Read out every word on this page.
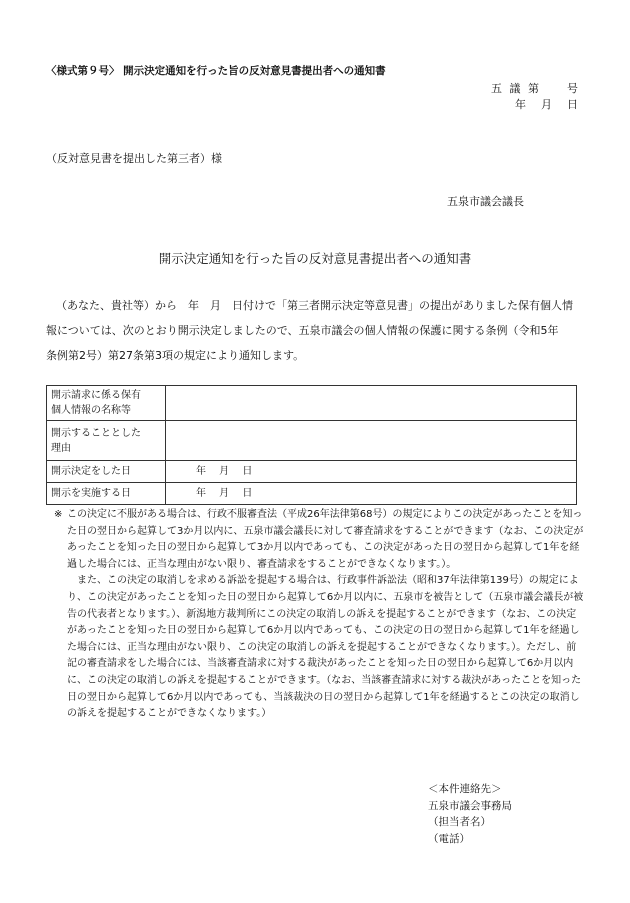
〈様式第９号〉 開示決定通知を行った旨の反対意見書提出者への通知書
五 議 第　　号
年　月　日
（反対意見書を提出した第三者）様
五泉市議会議長
開示決定通知を行った旨の反対意見書提出者への通知書

（あなた、貴社等）から　年　月　日付けで「第三者開示決定等意見書」の提出がありました保有個人情

報については、次のとおり開示決定しましたので、五泉市議会の個人情報の保護に関する条例（令和5年

条例第2号）第27条第3項の規定により通知します。

開示請求に係る保有
個人情報の名称等	

開示することとした
理由	

開示決定をした日	年　 月　 日
開示を実施する日	年　 月　 日
※ この決定に不服がある場合は、行政不服審査法（平成26年法律第68号）の規定によりこの決定があったことを知った日の翌日から起算して3か月以内に、五泉市議会議長に対して審査請求をすることができます（なお、この決定があったことを知った日の翌日から起算して3か月以内であっても、この決定があった日の翌日から起算して1年を経過した場合には、正当な理由がない限り、審査請求をすることができなくなります。）。

また、この決定の取消しを求める訴訟を提起する場合は、行政事件訴訟法（昭和37年法律第139号）の規定により、この決定があったことを知った日の翌日から起算して6か月以内に、五泉市を被告として（五泉市議会議長が被告の代表者となります。）、新潟地方裁判所にこの決定の取消しの訴えを提起することができます（なお、この決定があったことを知った日の翌日から起算して6か月以内であっても、この決定の日の翌日から起算して1年を経過した場合には、正当な理由がない限り、この決定の取消しの訴えを提起することができなくなります。）。ただし、前記の審査請求をした場合には、当該審査請求に対する裁決があったことを知った日の翌日から起算して6か月以内に、この決定の取消しの訴えを提起することができます。（なお、当該審査請求に対する裁決があったことを知った日の翌日から起算して6か月以内であっても、当該裁決の日の翌日から起算して1年を経過するとこの決定の取消しの訴えを提起することができなくなります。）

＜本件連絡先＞
五泉市議会事務局
（担当者名）
（電話）
